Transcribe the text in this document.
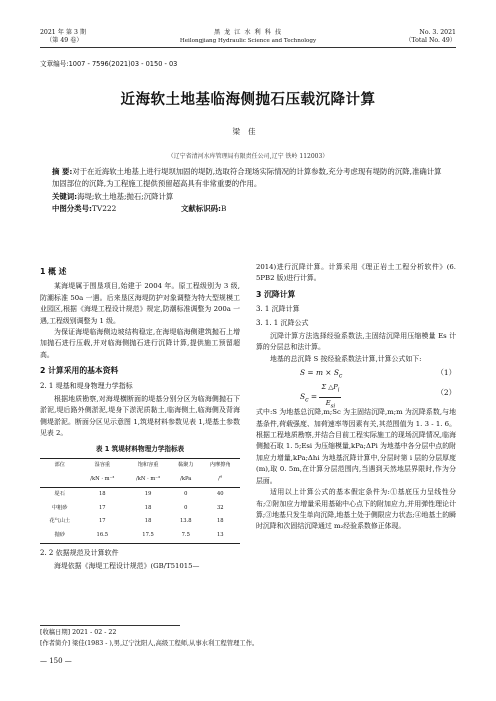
2021 年 第 3 期
（第 49 卷）
黑 龙 江 水 利 科 技
Heilongjiang Hydraulic Science and Technology
No. 3. 2021
（Total No. 49）
文章编号:1007 - 7596(2021)03 - 0150 - 03
近海软土地基临海侧抛石压载沉降计算
梁佳
（辽宁省清河水库管理局有限责任公司,辽宁 铁岭 112003）
摘 要:对于在近海软土地基上进行堤坝加固的堤防,选取符合现场实际情况的计算参数,充分考虑现有堤防的沉降,准确计算加固部位的沉降,为工程施工提供预留超高具有非常重要的作用。
关键词:海堤;软土地基;抛石;沉降计算
中图分类号:TV222	文献标识码:B
1 概 述

某海堤属于围垦项目,始建于 2004 年。原工程级别为 3 级,防潮标准 50a 一遇。后来垦区海堤防护对象调整为特大型规模工业园区,根据《海堤工程设计规范》规定,防潮标准调整为 200a 一遇,工程级别调整为 1 级。

为保证海堤临海侧边坡结构稳定,在海堤临海侧建筑抛石上增加抛石进行压载,并对临海侧抛石进行沉降计算,提供施工预留超高。

2 计算采用的基本资料
2. 1 堤基和堤身物理力学指标

根据地质勘察,对海堤横断面的堤基分别分区为临海侧抛石下淤泥,堤后路外侧淤泥,堤身下淤泥质黏土,临海侧土,临海侧及背海侧堤淤泥。断面分区见示意图 1,筑堤材料参数见表 1,堤基土参数见表 2。

表 1 筑堤材料物理力学指标表
部位	湿容重	饱和容重	黏聚力	内摩擦角
	/kN · m⁻³	/kN · m⁻³	/kPa	/°
堤石	18	19	0	40
中粗砂	17	18	0	32
花气山土	17	18	13.8	18
抛砂	16.5	17.5	7.5	13
2. 2 依据规范及计算软件

海堤依据《海堤工程设计规范》(GB/T51015—

2014)进行沉降计算。计算采用《理正岩土工程分析软件》(6. 5PB2 版)进行计算。

3 沉降计算
3. 1 沉降计算
3. 1. 1 沉降公式

沉降计算方法选择经验系数法,主固结沉降用压缩模量 Es 计算的分层总和法计算。

地基的总沉降 S 按经验系数法计算,计算公式如下:

$S = m \times S_c$	（1）
$S_c = \frac{\Sigma \triangle P_i}{E_{si}}$	（2）

式中:S 为地基总沉降,m;Sc 为主固结沉降,m;m 为沉降系数,与地基条件,荷载强度、加荷速率等因素有关,其范围值为 1. 3 - 1. 6。根据工程地质勘察,并结合目前工程实际施工的现场沉降情况,临海侧抛石取 1. 5;Esi 为压缩模量,kPa;ΔPi 为地基中各分层中点的附加应力增量,kPa;Δhi 为地基沉降计算中,分层时第 i 层的分层厚度(m),取 0. 5m,在计算分层范围内,当遇到天然地层界限时,作为分层面。

适用以上计算公式的基本假定条件为:①基底压力呈线性分布;②附加应力增量采用基础中心点下的附加应力,并用弹性理论计算;③地基只发生单向沉降,地基土处于侧限应力状态;④地基土的瞬时沉降和次固结沉降通过 m₂经验系数修正体现。

[收稿日期] 2021 - 02 - 22
[作者简介] 梁佳(1983 - ),男,辽宁沈阳人,高级工程师,从事水利工程管理工作。
— 150 —
